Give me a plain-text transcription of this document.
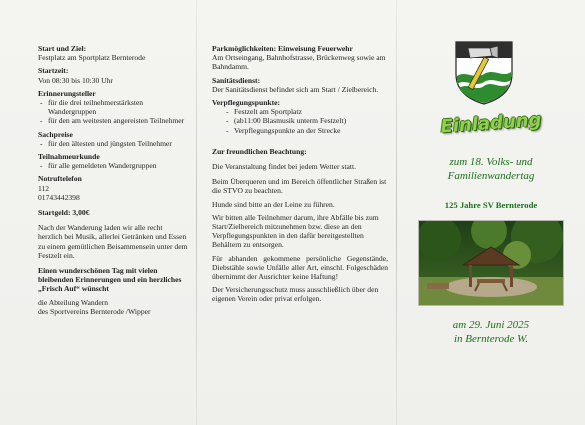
Start und Ziel:

Festplatz am Sportplatz Bernterode

Startzeit:

Von 08:30 bis 10:30 Uhr

Erinnerungsteller

- für die drei teilnehmerstärksten Wandergruppen
- für den am weitesten angereisten Teilnehmer

Sachpreise

- für den ältesten und jüngsten Teilnehmer

Teilnahmeurkunde

- für alle gemeldeten Wandergruppen

Notruftelefon

112

01743442398

Startgeld: 3,00€

Nach der Wanderung laden wir alle recht herzlich bei Musik, allerlei Getränken und Essen zu einem gemütlichen Beisammensein unter dem Festzelt ein.

Einen wunderschönen Tag mit vielen bleibenden Erinnerungen und ein herzliches „Frisch Auf“ wünscht

die Abteilung Wandern

des Sportvereins Bernterode /Wipper

Parkmöglichkeiten: Einweisung Feuerwehr

Am Ortseingang, Bahnhofstrasse, Brückenweg sowie am Bahndamm.

Sanitätsdienst:

Der Sanitätsdienst befindet sich am Start / Zielbereich.

Verpflegungspunkte:

- Festzelt am Sportplatz
- (ab11:00 Blasmusik unterm Festzelt)
- Verpflegungspunkte an der Strecke

Zur freundlichen Beachtung:

Die Veranstaltung findet bei jedem Wetter statt.

Beim Überqueren und im Bereich öffentlicher Straßen ist die STVO zu beachten.

Hunde sind bitte an der Leine zu führen.

Wir bitten alle Teilnehmer darum, ihre Abfälle bis zum Start/Zielbereich mitzunehmen bzw. diese an den Verpflegungspunkten in den dafür bereitgestellten Behältern zu entsorgen.

Für abhanden gekommene persönliche Gegenstände, Diebstähle sowie Unfälle aller Art, einschl. Folgeschäden übernimmt der Ausrichter keine Haftung!

Der Versicherungsschutz muss ausschließlich über den eigenen Verein oder privat erfolgen.

Einladung
zum 18. Volks- und
Familienwandertag
125 Jahre SV Bernterode
am 29. Juni 2025
in Bernterode W.
